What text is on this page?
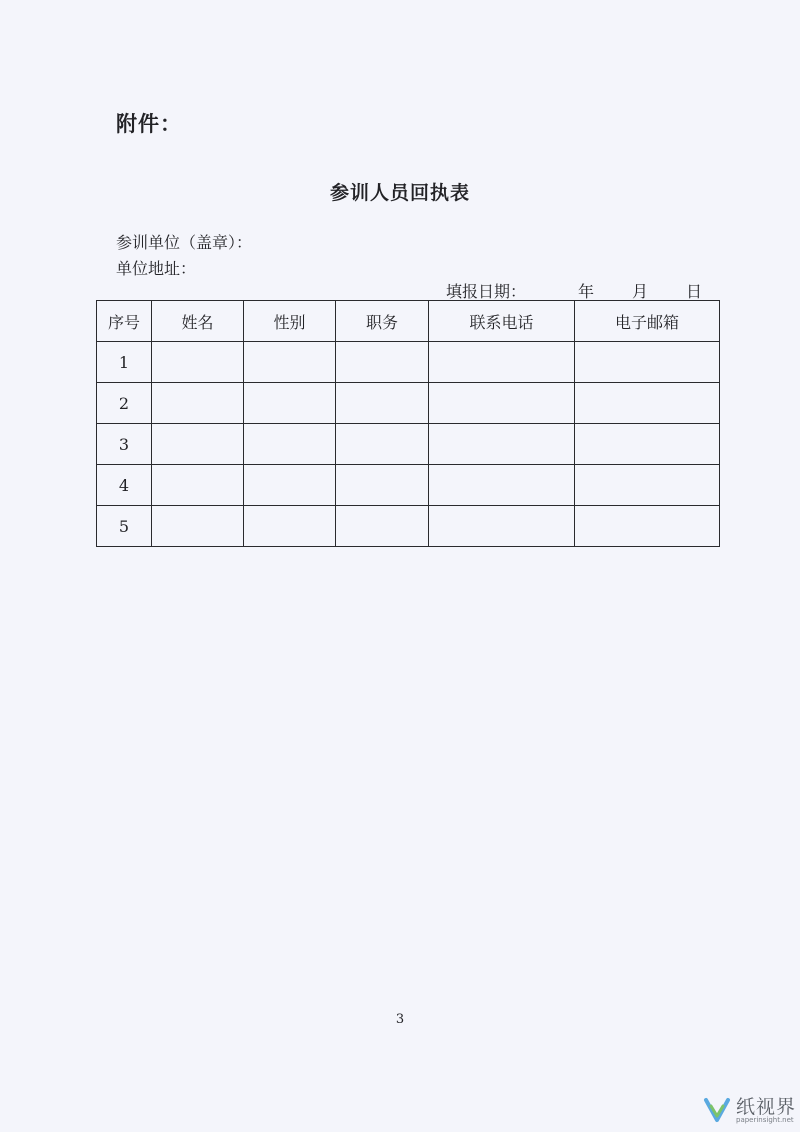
附件：
参训人员回执表
参训单位（盖章）：
单位地址：
填报日期：	年 月 日
序号	姓名	性别	职务	联系电话	电子邮箱
1					
2					
3					
4					
5					
3
纸视界
paperinsight.net
